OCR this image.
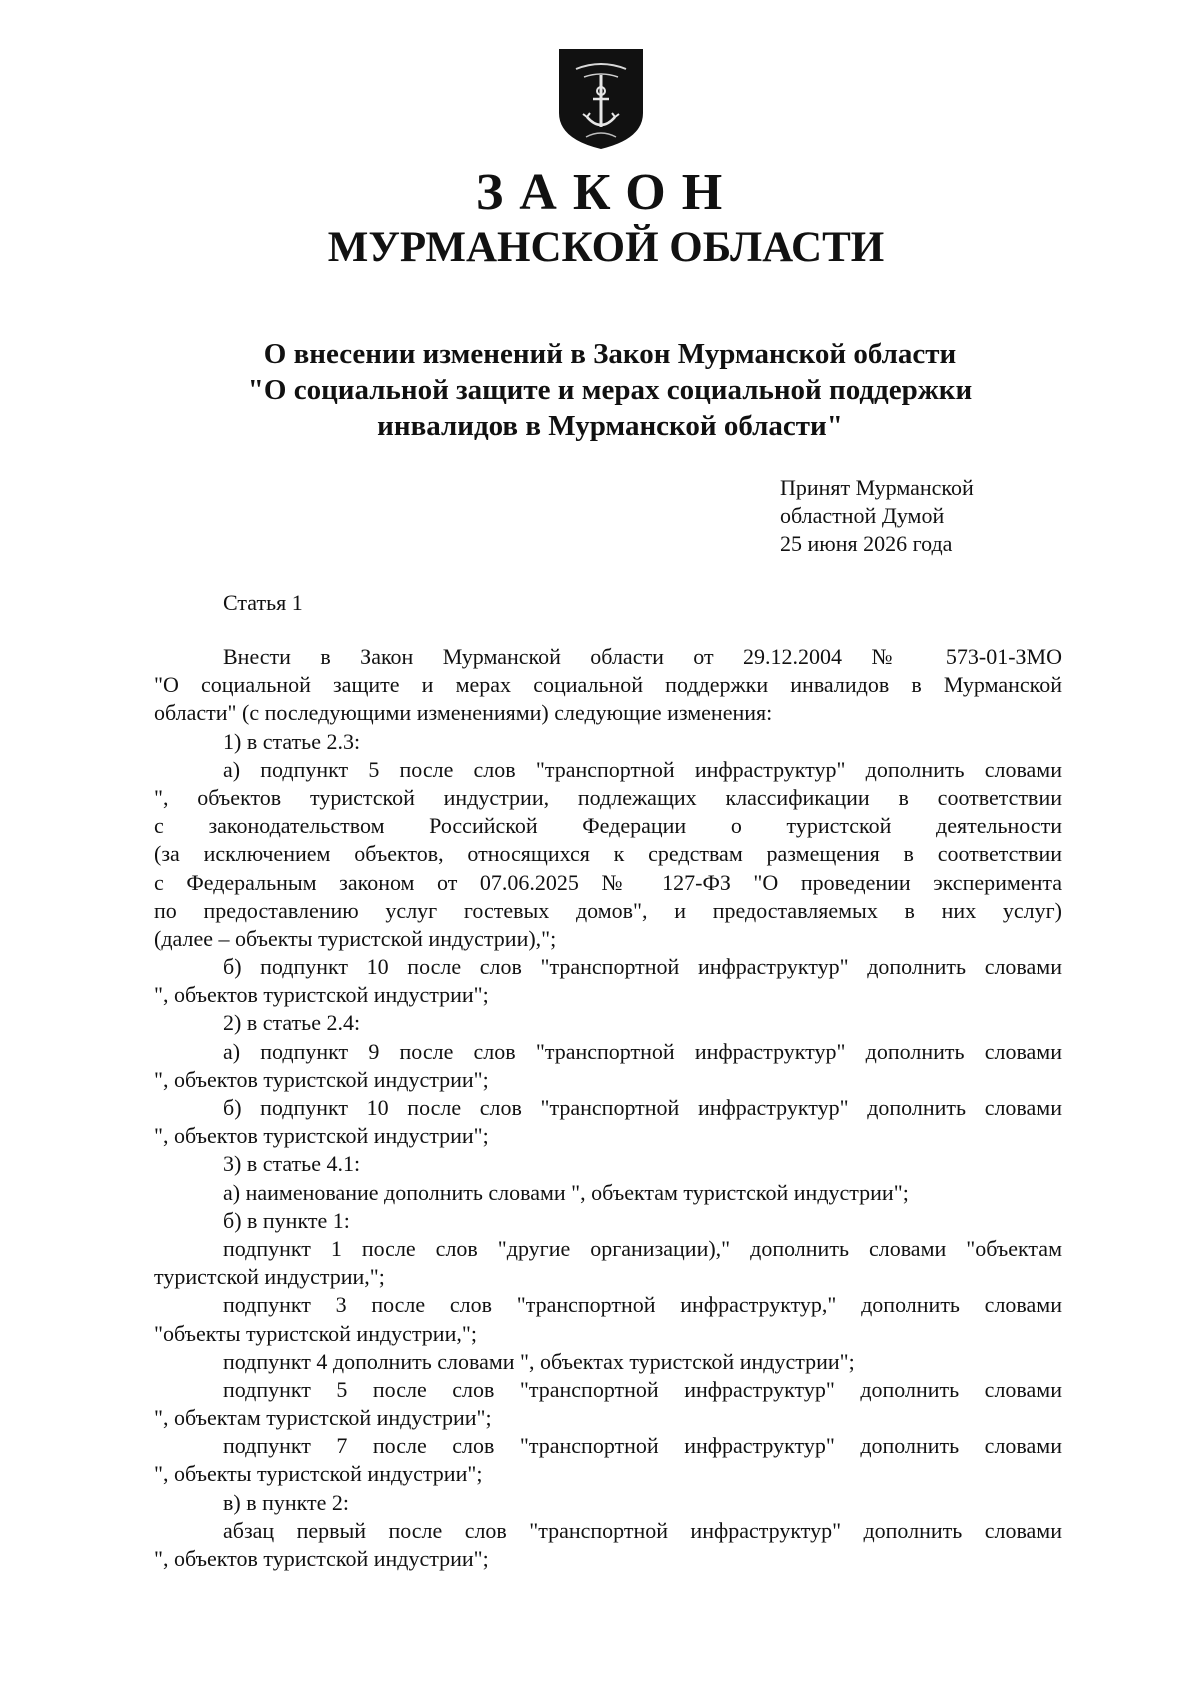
ЗАКОН
МУРМАНСКОЙ ОБЛАСТИ
О внесении изменений в Закон Мурманской области
"О социальной защите и мерах социальной поддержки
инвалидов в Мурманской области"
Принят Мурманской
областной Думой
25 июня 2026 года
Статья 1
Внести в Закон Мурманской области от 29.12.2004 № 573-01-ЗМО
"О социальной защите и мерах социальной поддержки инвалидов в Мурманской
области" (с последующими изменениями) следующие изменения:
1) в статье 2.3:
а) подпункт 5 после слов "транспортной инфраструктур" дополнить словами
", объектов туристской индустрии, подлежащих классификации в соответствии
с законодательством Российской Федерации о туристской деятельности
(за исключением объектов, относящихся к средствам размещения в соответствии
с Федеральным законом от 07.06.2025 № 127-ФЗ "О проведении эксперимента
по предоставлению услуг гостевых домов", и предоставляемых в них услуг)
(далее – объекты туристской индустрии),";
б) подпункт 10 после слов "транспортной инфраструктур" дополнить словами
", объектов туристской индустрии";
2) в статье 2.4:
а) подпункт 9 после слов "транспортной инфраструктур" дополнить словами
", объектов туристской индустрии";
б) подпункт 10 после слов "транспортной инфраструктур" дополнить словами
", объектов туристской индустрии";
3) в статье 4.1:
а) наименование дополнить словами ", объектам туристской индустрии";
б) в пункте 1:
подпункт 1 после слов "другие организации)," дополнить словами "объектам
туристской индустрии,";
подпункт 3 после слов "транспортной инфраструктур," дополнить словами
"объекты туристской индустрии,";
подпункт 4 дополнить словами ", объектах туристской индустрии";
подпункт 5 после слов "транспортной инфраструктур" дополнить словами
", объектам туристской индустрии";
подпункт 7 после слов "транспортной инфраструктур" дополнить словами
", объекты туристской индустрии";
в) в пункте 2:
абзац первый после слов "транспортной инфраструктур" дополнить словами
", объектов туристской индустрии";
